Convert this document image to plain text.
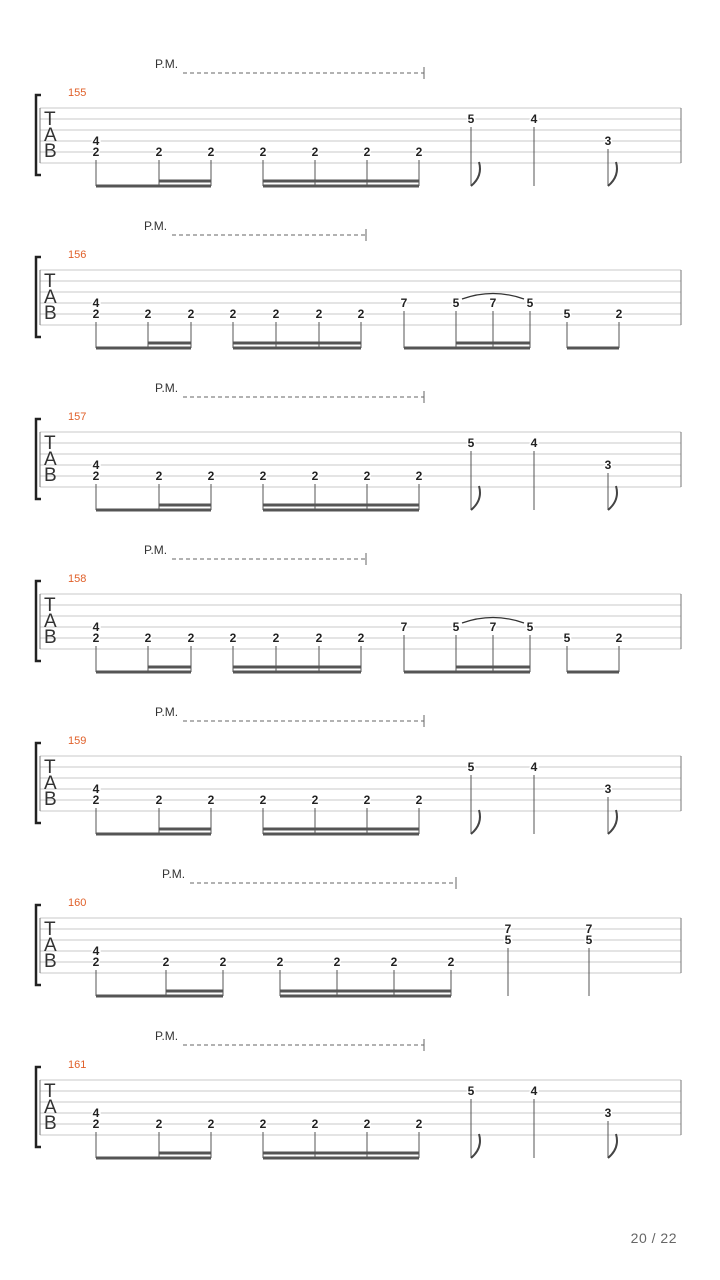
P.M.
155
T
A
B	4
2	2	2	2	2	2	2
5	4
3
P.M.
156
T
A
B	4
2	2	2	2	2	2	2
7	5	7	5
5	2
P.M.
157
T
A
B	4
2	2	2	2	2	2	2
5	4
3
P.M.
158
T
A
B	4
2	2	2	2	2	2	2
7	5	7	5
5	2
P.M.
159
T
A
B	4
2	2	2	2	2	2	2
5	4
3
P.M.
160
T
A
B	4
2	2	2	2	2	2	2
7
5
7
5
P.M.
161
T
A
B	4
2	2	2	2	2	2	2
5	4
3
20 / 22
